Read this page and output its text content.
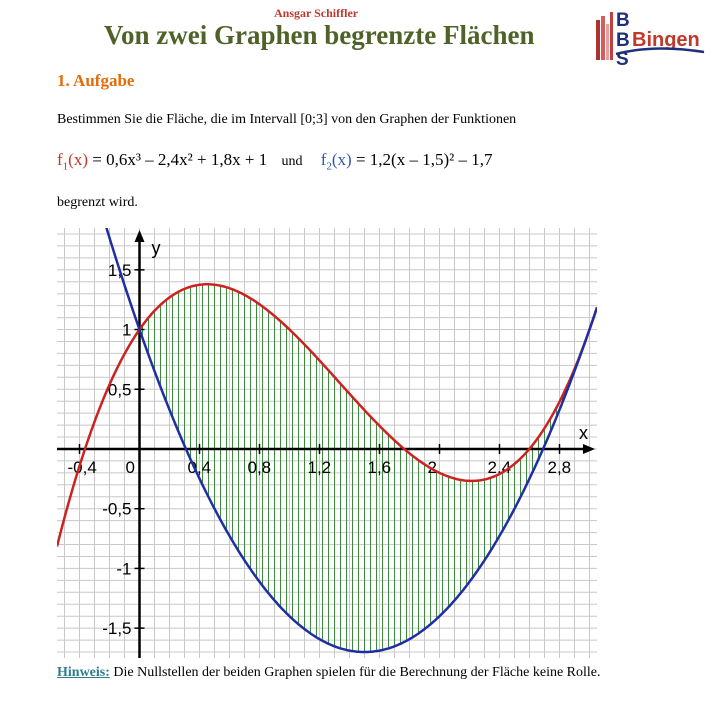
Ansgar Schiffler
Von zwei Graphen begrenzte Flächen	B
B
S
Bingen
1. Aufgabe
Bestimmen Sie die Fläche, die im Intervall [0;3] von den Graphen der Funktionen
$f_1(x) = 0,6x^3 - 2,4x^2 + 1,8x + 1$ und $f_2(x) = 1,2(x - 1,5)^2 - 1,7$
begrenzt wird.
x
y
-0,4 0	0,4 0,8 1,2 1,6 2	2,4 2,8
1,5
1
0,5
-0,5
-1
-1,5
Hinweis: Die Nullstellen der beiden Graphen spielen für die Berechnung der Fläche keine Rolle.
